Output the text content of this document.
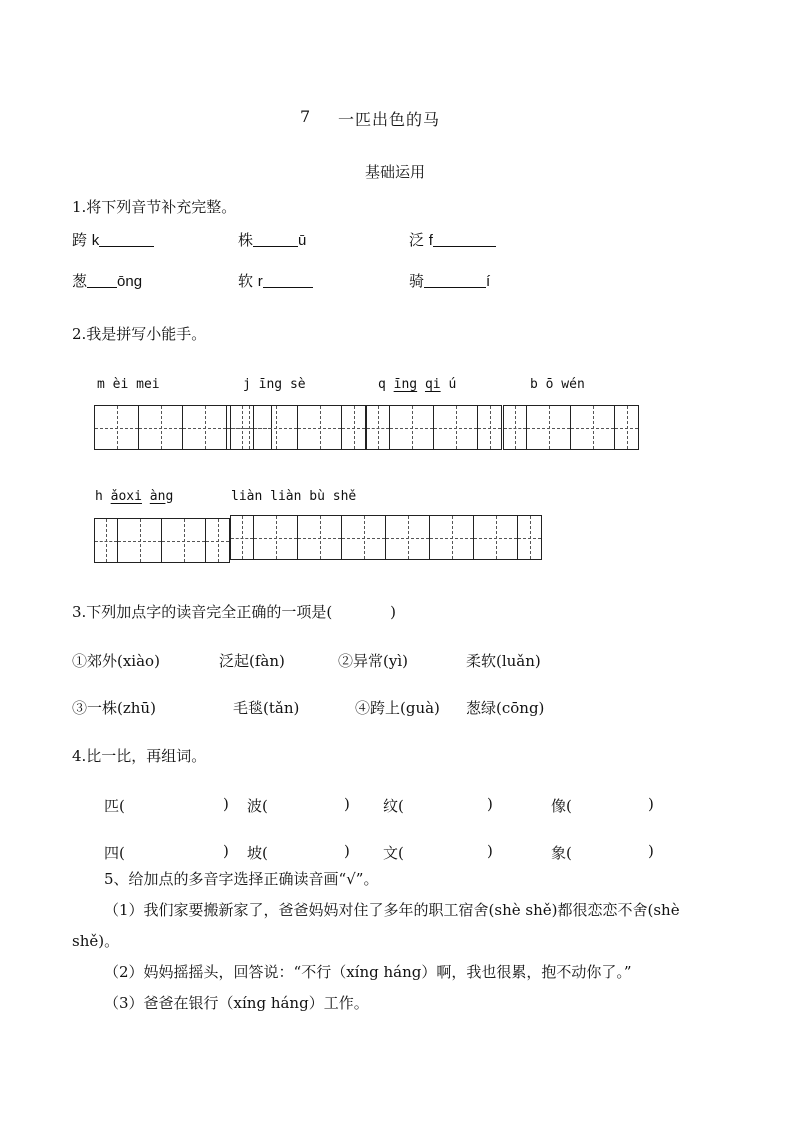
7 一匹出色的马
基础运用
1.将下列音节补充完整。
跨 k	株	ū	泛 f
葱 ōng	软 r	骑	í
2.我是拼写小能手。
m èi mei	j īng sè	q īng qi ú	b ō wén
h ǎoxi àng	liàn liàn bù shě
3.下列加点字的读音完全正确的一项是(	)
①郊外(xiào)	泛起(fàn)	②异常(yì)	柔软(luǎn)
③一株(zhū)	毛毯(tǎn)	④跨上(guà) 葱绿(cōng)
4.比一比，再组词。
匹(	) 波(	) 纹(	)	像(	)
四(	) 坡(	) 文(	)	象(	)
5、给加点的多音字选择正确读音画“√”。
（1）我们家要搬新家了，爸爸妈妈对住了多年的职工宿舍(shè shě)都很恋恋不舍(shè
shě)。
（2）妈妈摇摇头，回答说：“不行（xíng háng）啊，我也很累，抱不动你了。”
（3）爸爸在银行（xíng háng）工作。
